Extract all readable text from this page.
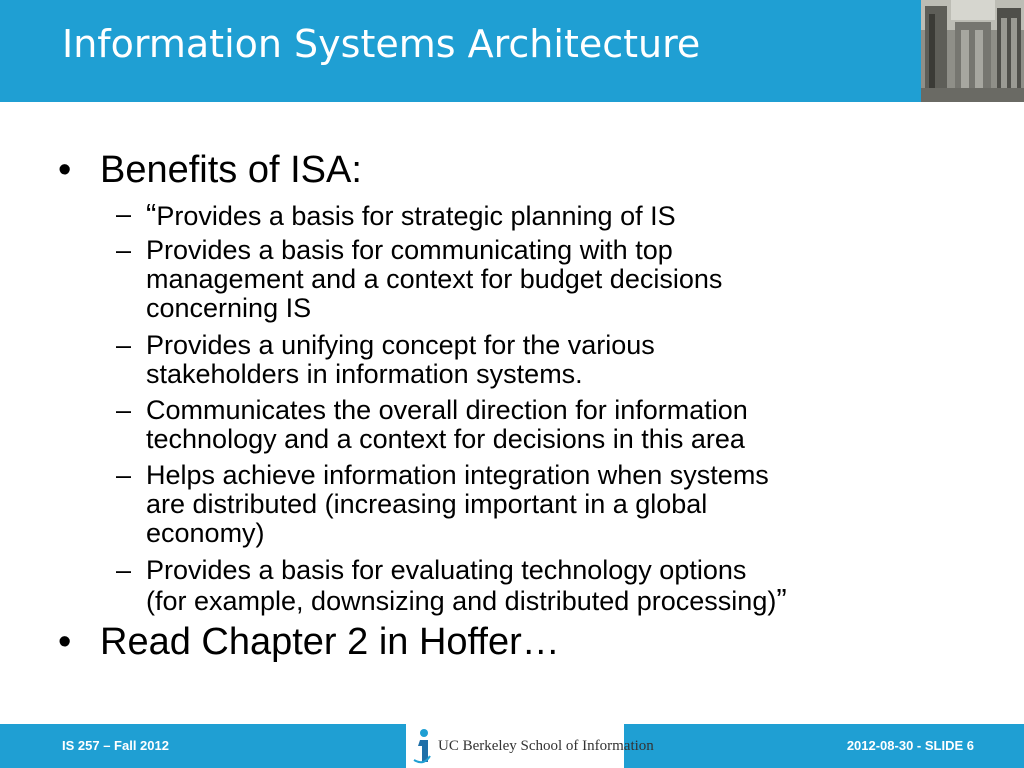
Information Systems Architecture
• Benefits of ISA:
– “Provides a basis for strategic planning of IS
– Provides a basis for communicating with top
management and a context for budget decisions
concerning IS
– Provides a unifying concept for the various
stakeholders in information systems.
– Communicates the overall direction for information
technology and a context for decisions in this area
– Helps achieve information integration when systems
are distributed (increasing important in a global
economy)
– Provides a basis for evaluating technology options
(for example, downsizing and distributed processing)”
• Read Chapter 2 in Hoffer…
IS 257 – Fall 2012	UC Berkeley School of Information	2012-08-30 - SLIDE 6
